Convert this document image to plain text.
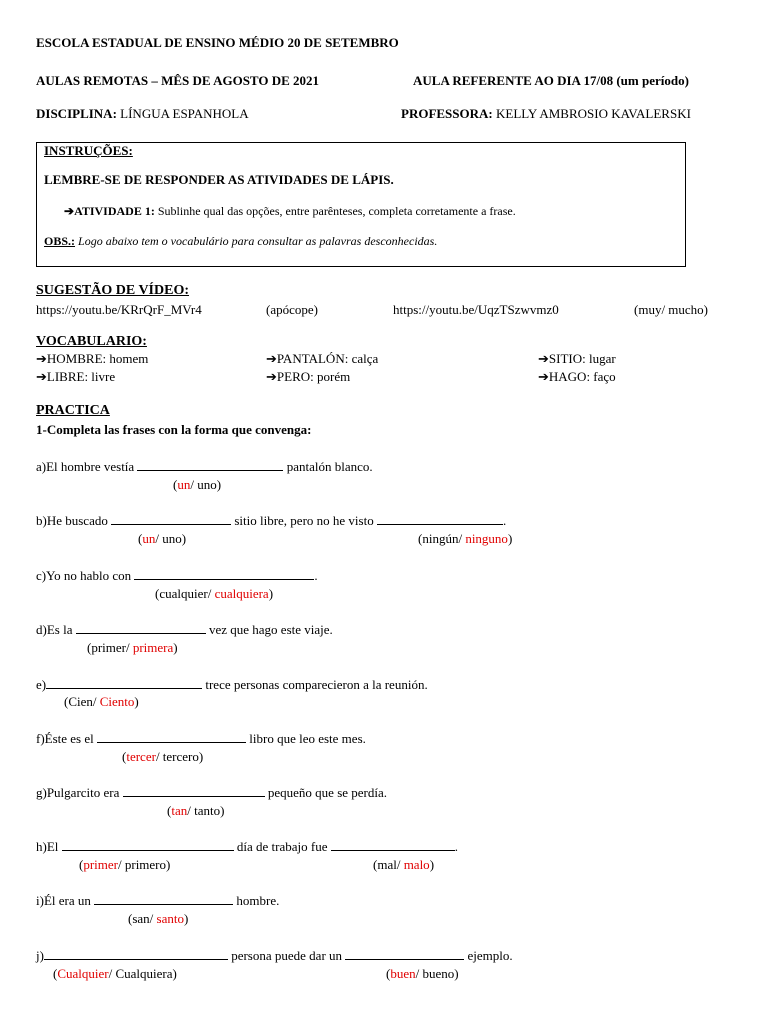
ESCOLA ESTADUAL DE ENSINO MÉDIO 20 DE SETEMBRO
AULAS REMOTAS – MÊS DE AGOSTO DE 2021	AULA REFERENTE AO DIA 17/08 (um período)
DISCIPLINA: LÍNGUA ESPANHOLA	PROFESSORA: KELLY AMBROSIO KAVALERSKI
INSTRUÇÕES:
LEMBRE-SE DE RESPONDER AS ATIVIDADES DE LÁPIS.
➔ATIVIDADE 1: Sublinhe qual das opções, entre parênteses, completa corretamente a frase.
OBS.: Logo abaixo tem o vocabulário para consultar as palavras desconhecidas.
SUGESTÃO DE VÍDEO:
https://youtu.be/KRrQrF_MVr4	(apócope)	https://youtu.be/UqzTSzwvmz0	(muy/ mucho)
VOCABULARIO:
➔HOMBRE: homem	➔PANTALÓN: calça	➔SITIO: lugar
➔LIBRE: livre	➔PERO: porém	➔HAGO: faço
PRACTICA
1-Completa las frases con la forma que convenga:
a)El hombre vestía	pantalón blanco.
(un/ uno)
b)He buscado	sitio libre, pero no he visto	.
(un/ uno)	(ningún/ ninguno)
c)Yo no hablo con	.
(cualquier/ cualquiera)
d)Es la	vez que hago este viaje.
(primer/ primera)
e)	trece personas comparecieron a la reunión.
(Cien/ Ciento)
f)Éste es el	libro que leo este mes.
(tercer/ tercero)
g)Pulgarcito era	pequeño que se perdía.
(tan/ tanto)
h)El	día de trabajo fue	.
(primer/ primero)	(mal/ malo)
i)Él era un	hombre.
(san/ santo)
j)	persona puede dar un	ejemplo.
(Cualquier/ Cualquiera)	(buen/ bueno)
